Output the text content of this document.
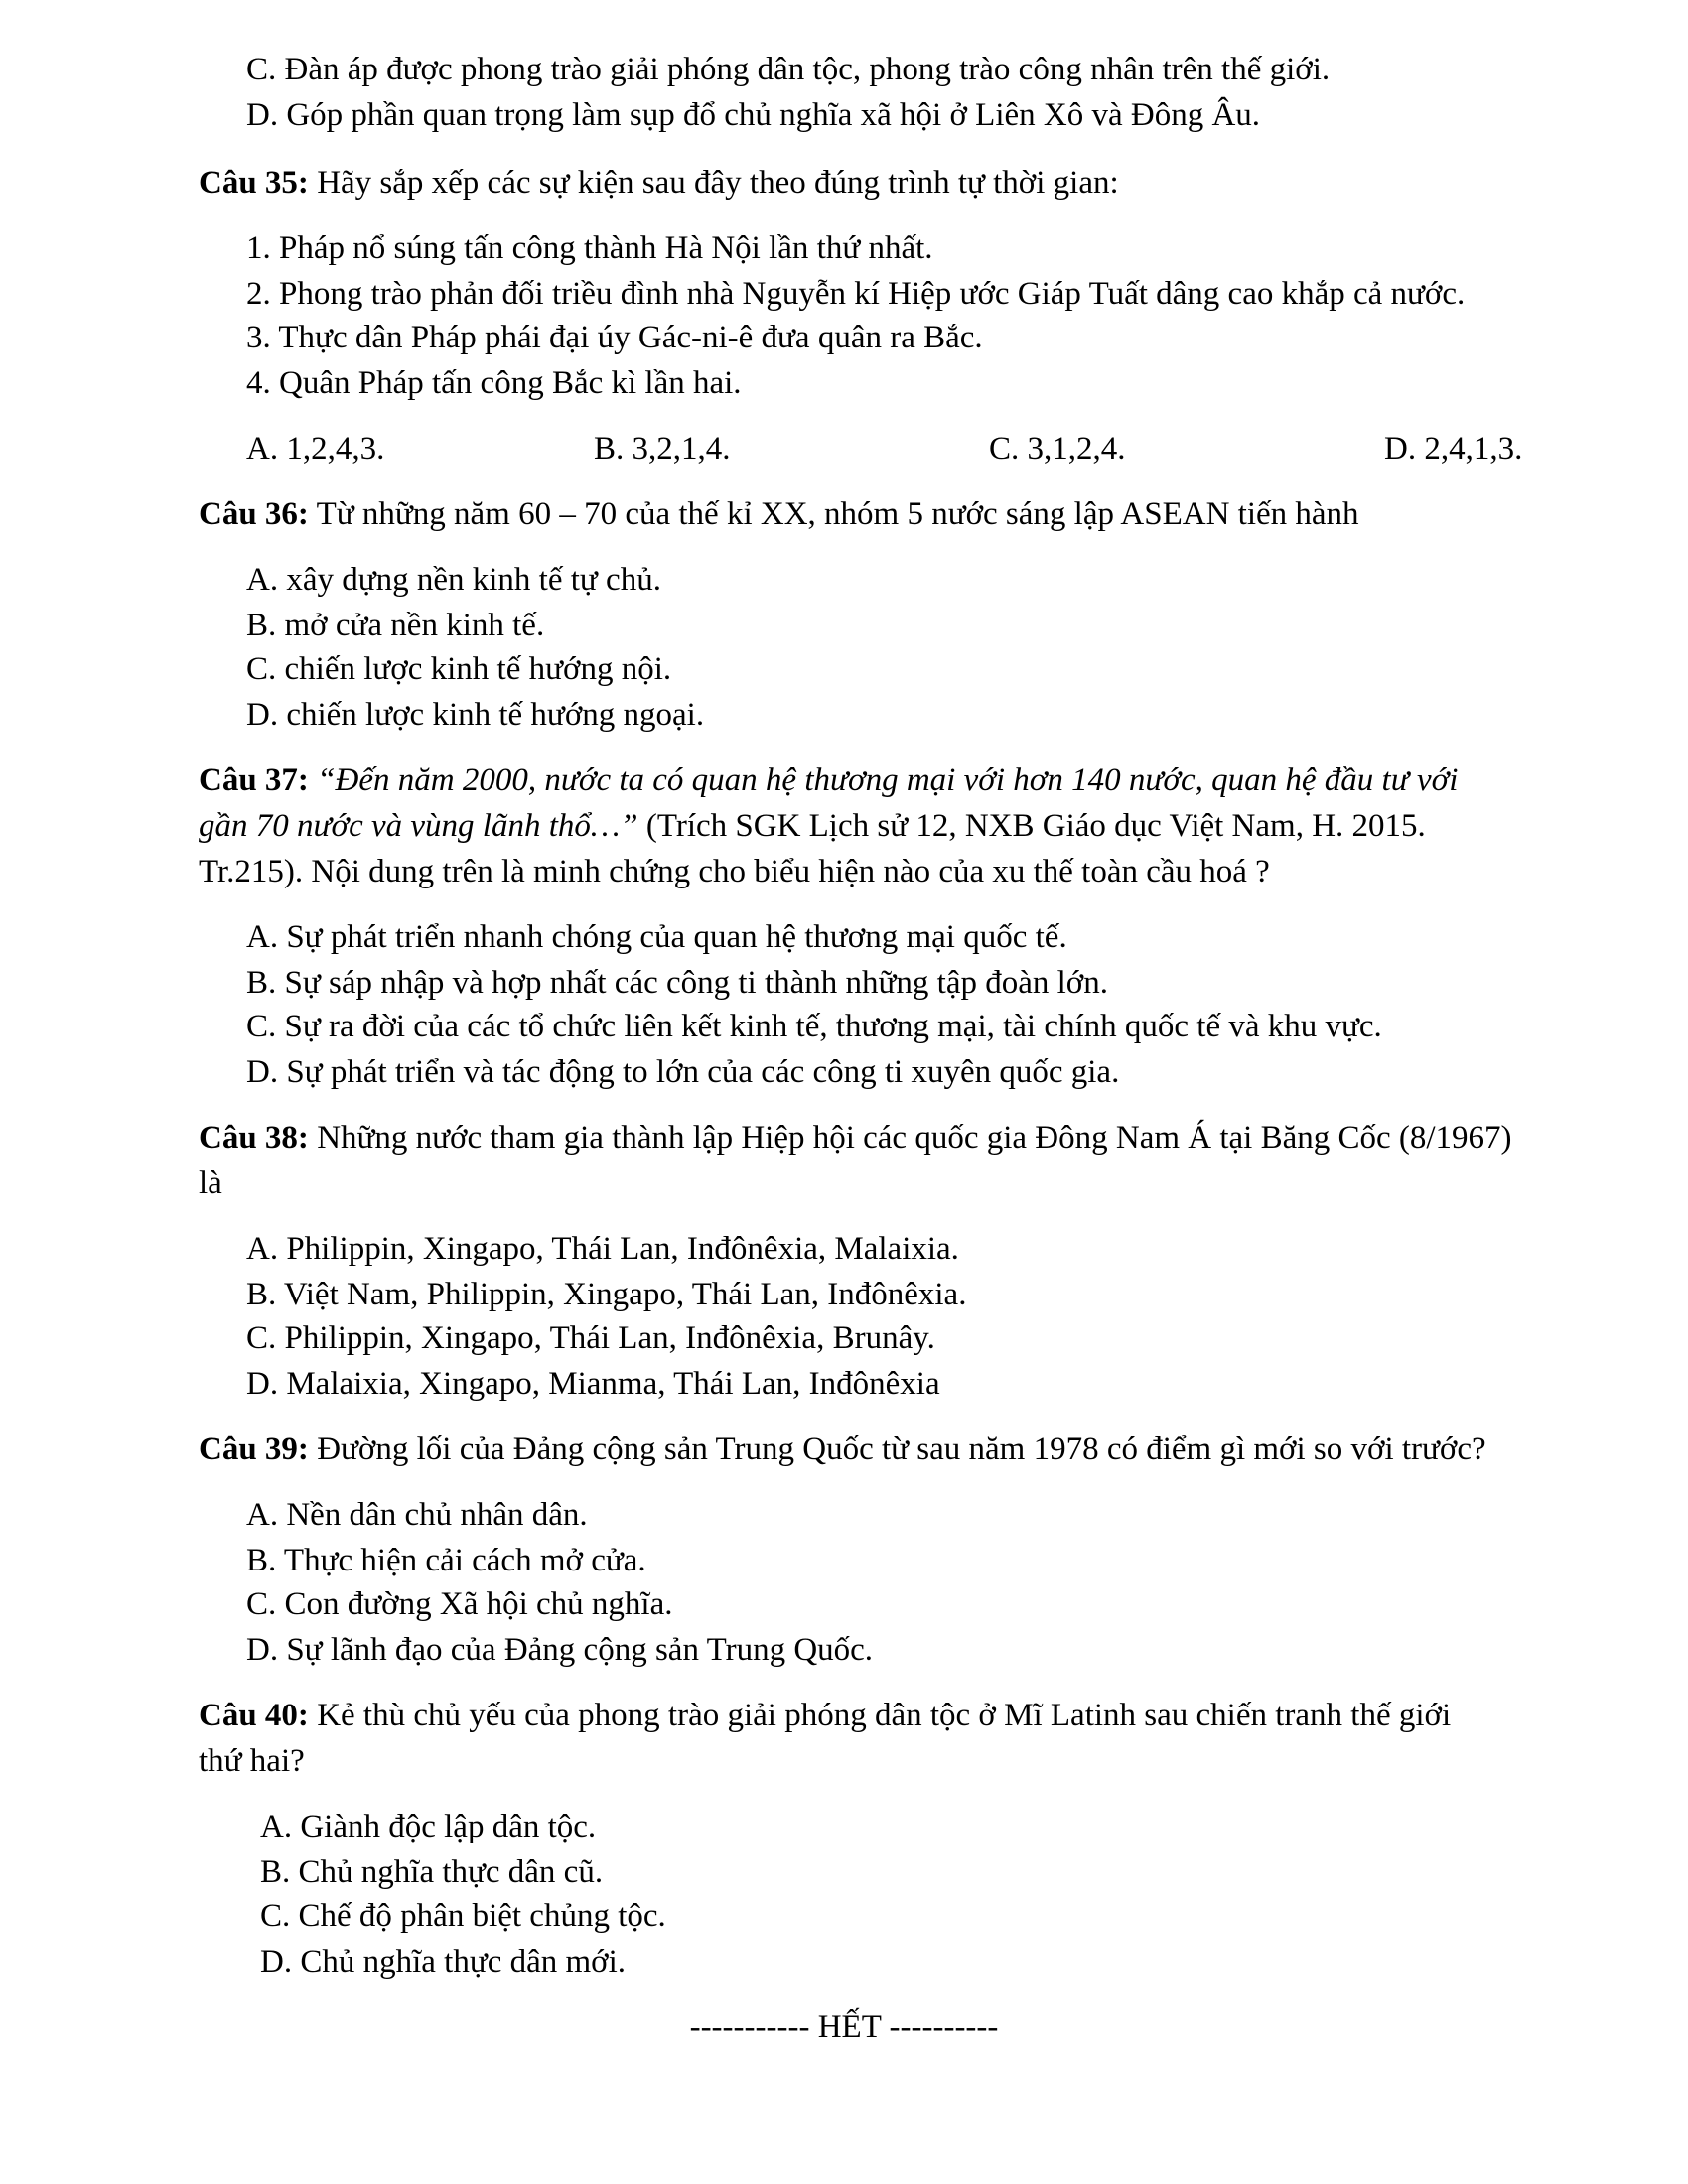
C. Đàn áp được phong trào giải phóng dân tộc, phong trào công nhân trên thế giới.
D. Góp phần quan trọng làm sụp đổ chủ nghĩa xã hội ở Liên Xô và Đông Âu.
Câu 35: Hãy sắp xếp các sự kiện sau đây theo đúng trình tự thời gian:
1. Pháp nổ súng tấn công thành Hà Nội lần thứ nhất.
2. Phong trào phản đối triều đình nhà Nguyễn kí Hiệp ước Giáp Tuất dâng cao khắp cả nước.
3. Thực dân Pháp phái đại úy Gác-ni-ê đưa quân ra Bắc.
4. Quân Pháp tấn công Bắc kì lần hai.
A. 1,2,4,3.	B. 3,2,1,4.	C. 3,1,2,4.	D. 2,4,1,3.
Câu 36: Từ những năm 60 – 70 của thế kỉ XX, nhóm 5 nước sáng lập ASEAN tiến hành
A. xây dựng nền kinh tế tự chủ.
B. mở cửa nền kinh tế.
C. chiến lược kinh tế hướng nội.
D. chiến lược kinh tế hướng ngoại.
Câu 37: “Đến năm 2000, nước ta có quan hệ thương mại với hơn 140 nước, quan hệ đầu tư với
gần 70 nước và vùng lãnh thổ…” (Trích SGK Lịch sử 12, NXB Giáo dục Việt Nam, H. 2015.
Tr.215). Nội dung trên là minh chứng cho biểu hiện nào của xu thế toàn cầu hoá ?
A. Sự phát triển nhanh chóng của quan hệ thương mại quốc tế.
B. Sự sáp nhập và hợp nhất các công ti thành những tập đoàn lớn.
C. Sự ra đời của các tổ chức liên kết kinh tế, thương mại, tài chính quốc tế và khu vực.
D. Sự phát triển và tác động to lớn của các công ti xuyên quốc gia.
Câu 38: Những nước tham gia thành lập Hiệp hội các quốc gia Đông Nam Á tại Băng Cốc (8/1967)
là
A. Philippin, Xingapo, Thái Lan, Inđônêxia, Malaixia.
B. Việt Nam, Philippin, Xingapo, Thái Lan, Inđônêxia.
C. Philippin, Xingapo, Thái Lan, Inđônêxia, Brunây.
D. Malaixia, Xingapo, Mianma, Thái Lan, Inđônêxia
Câu 39: Đường lối của Đảng cộng sản Trung Quốc từ sau năm 1978 có điểm gì mới so với trước?
A. Nền dân chủ nhân dân.
B. Thực hiện cải cách mở cửa.
C. Con đường Xã hội chủ nghĩa.
D. Sự lãnh đạo của Đảng cộng sản Trung Quốc.
Câu 40: Kẻ thù chủ yếu của phong trào giải phóng dân tộc ở Mĩ Latinh sau chiến tranh thế giới
thứ hai?
A. Giành độc lập dân tộc.
B. Chủ nghĩa thực dân cũ.
C. Chế độ phân biệt chủng tộc.
D. Chủ nghĩa thực dân mới.
----------- HẾT ----------
